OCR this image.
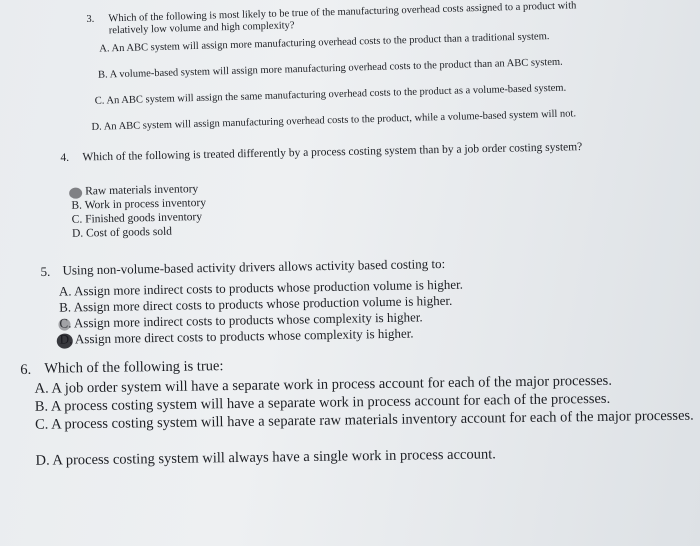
3. Which of the following is most likely to be true of the manufacturing overhead costs assigned to a product with relatively low volume and high complexity?
A. An ABC system will assign more manufacturing overhead costs to the product than a traditional system.
B. A volume-based system will assign more manufacturing overhead costs to the product than an ABC system.
C. An ABC system will assign the same manufacturing overhead costs to the product as a volume-based system.
D. An ABC system will assign manufacturing overhead costs to the product, while a volume-based system will not.
4. Which of the following is treated differently by a process costing system than by a job order costing system?
Raw materials inventory
B. Work in process inventory
C. Finished goods inventory
D. Cost of goods sold
5. Using non-volume-based activity drivers allows activity based costing to:
A. Assign more indirect costs to products whose production volume is higher.
B. Assign more direct costs to products whose production volume is higher.
C. Assign more indirect costs to products whose complexity is higher.
Assign more direct costs to products whose complexity is higher.
6. Which of the following is true:
A. A job order system will have a separate work in process account for each of the major processes.
B. A process costing system will have a separate work in process account for each of the processes.
C. A process costing system will have a separate raw materials inventory account for each of the major processes.
D. A process costing system will always have a single work in process account.
